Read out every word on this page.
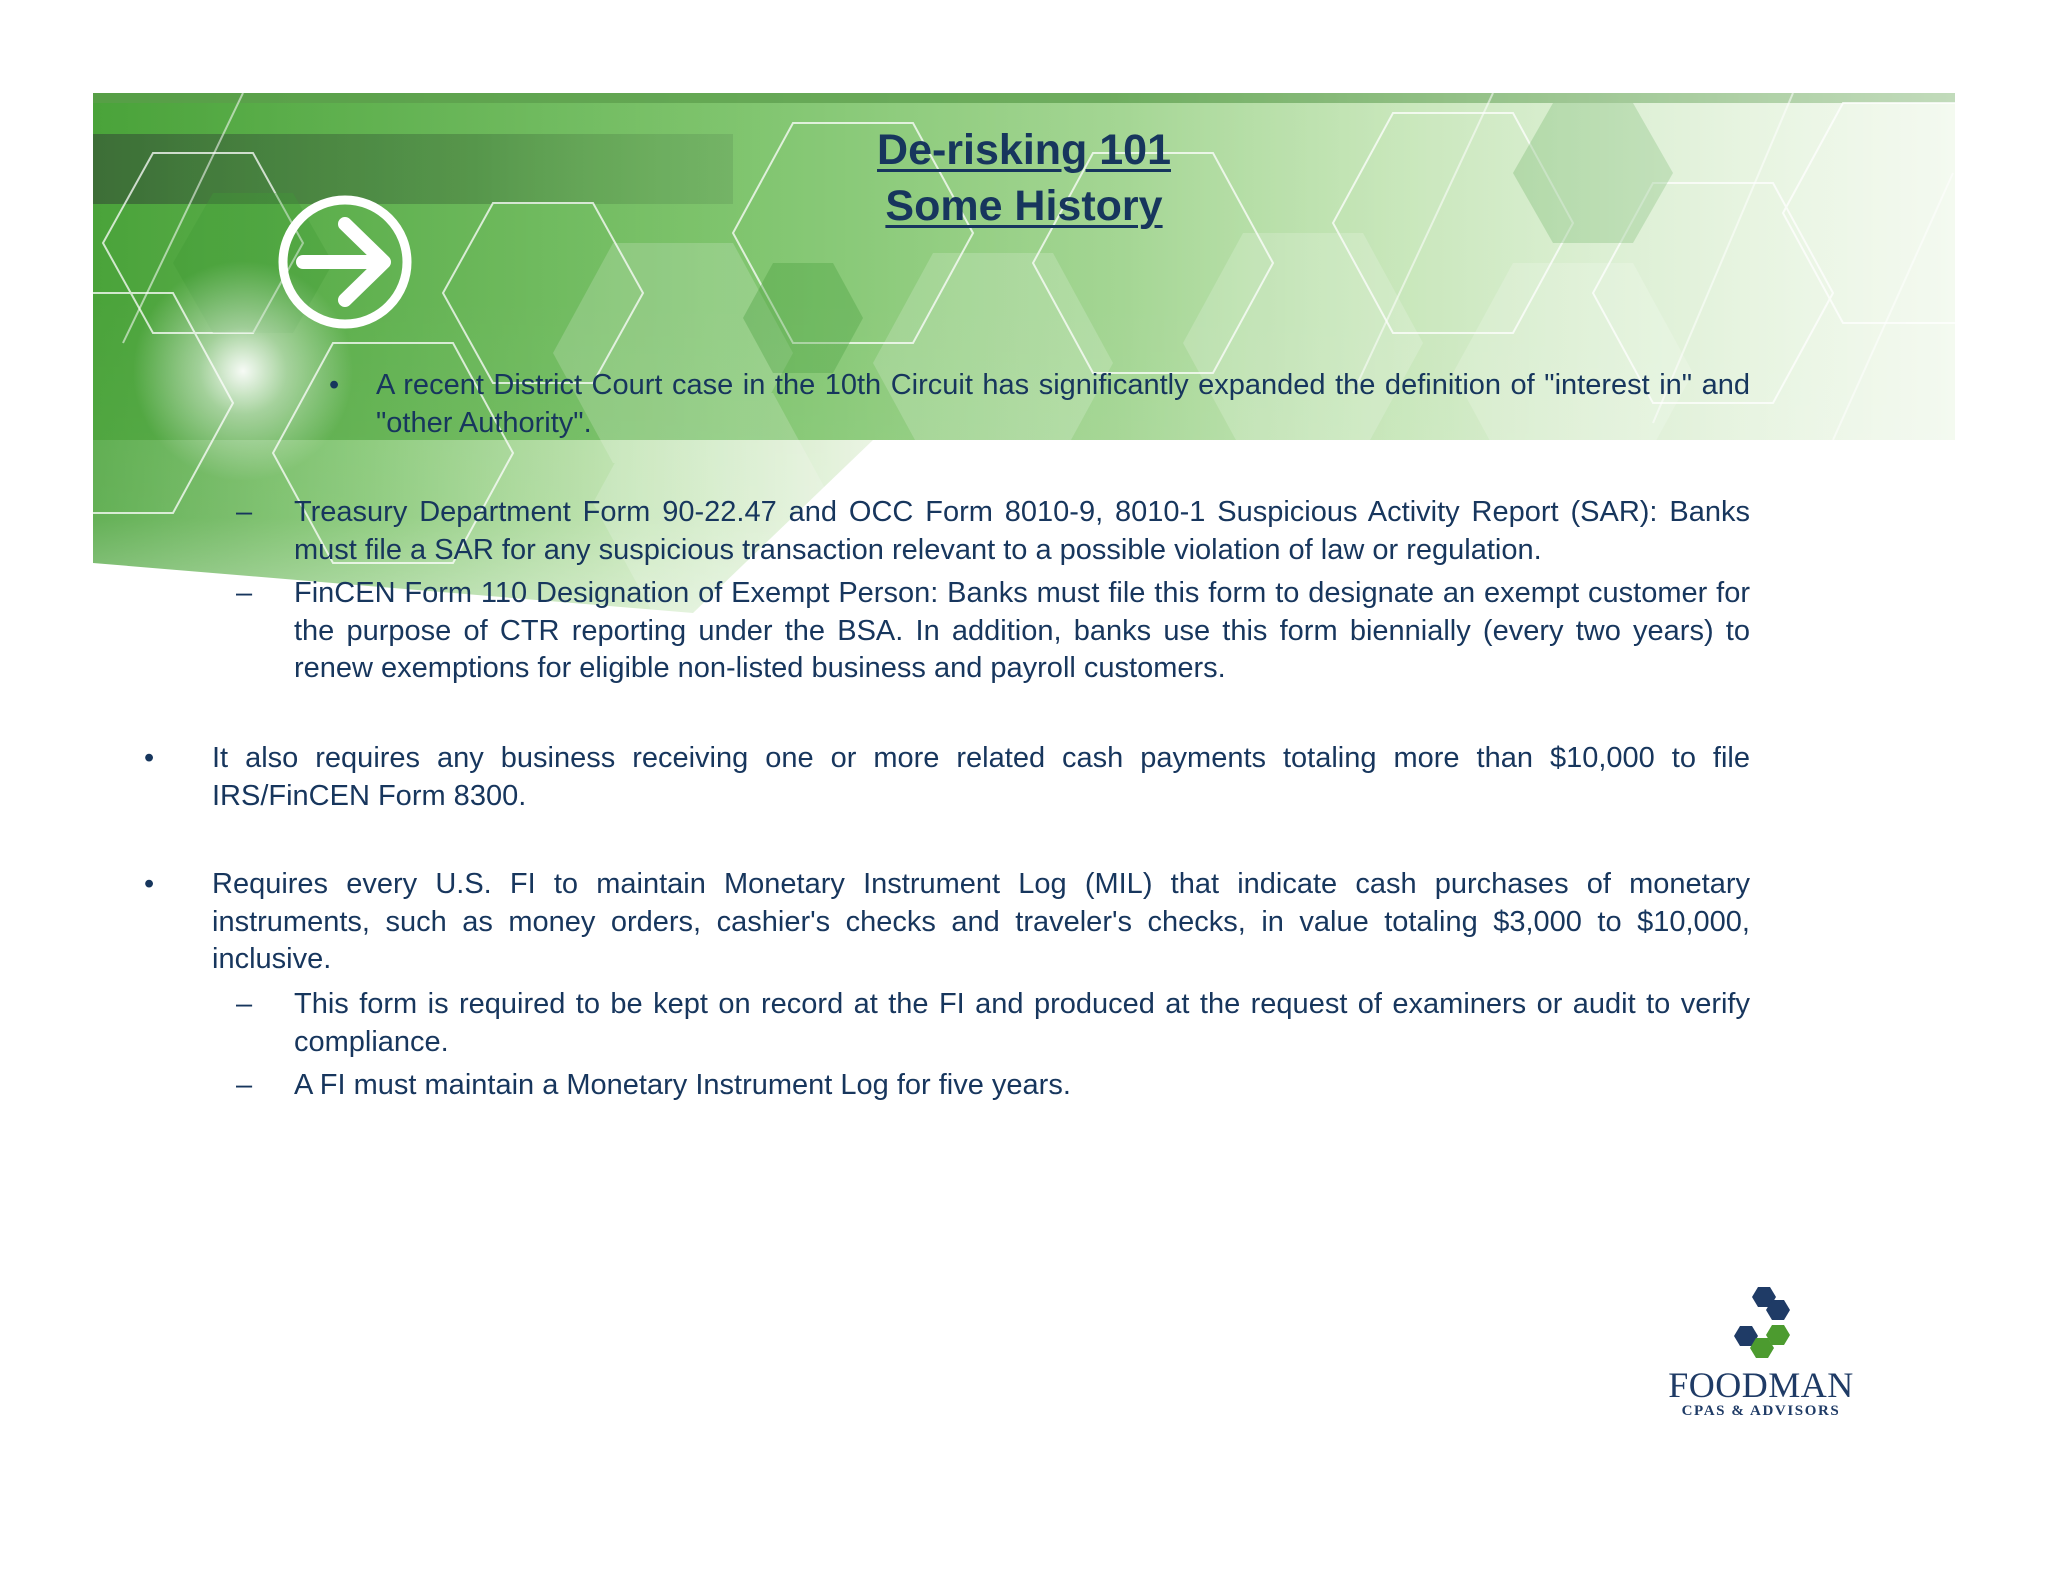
De-risking 101
Some History
• A recent District Court case in the 10th Circuit has significantly expanded the definition of "interest in" and "other Authority".
– Treasury Department Form 90-22.47 and OCC Form 8010-9, 8010-1 Suspicious Activity Report (SAR): Banks must file a SAR for any suspicious transaction relevant to a possible violation of law or regulation.
– FinCEN Form 110 Designation of Exempt Person: Banks must file this form to designate an exempt customer for the purpose of CTR reporting under the BSA. In addition, banks use this form biennially (every two years) to renew exemptions for eligible non-listed business and payroll customers.
• It also requires any business receiving one or more related cash payments totaling more than $10,000 to file IRS/FinCEN Form 8300.
• Requires every U.S. FI to maintain Monetary Instrument Log (MIL) that indicate cash purchases of monetary instruments, such as money orders, cashier's checks and traveler's checks, in value totaling $3,000 to $10,000, inclusive.
– This form is required to be kept on record at the FI and produced at the request of examiners or audit to verify compliance.
– A FI must maintain a Monetary Instrument Log for five years.
FOODMAN
CPAS & ADVISORS
